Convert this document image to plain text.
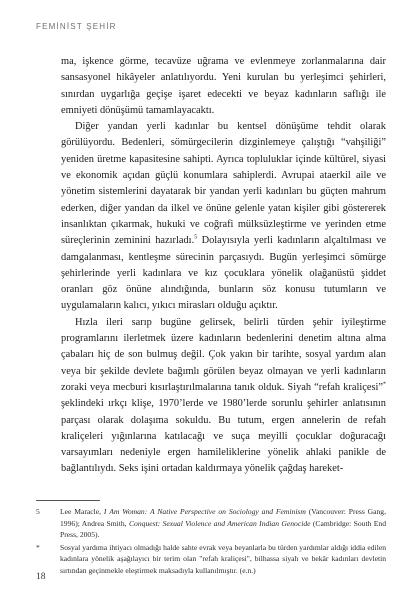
FEMİNİST ŞEHİR

ma, işkence görme, tecavüze uğrama ve evlenmeye zorlanmalarına dair sansasyonel hikâyeler anlatılıyordu. Yeni kurulan bu yerleşimci şehirleri, sınırdan uygarlığa geçişe işaret edecekti ve beyaz kadınların saflığı ile emniyeti dönüşümü tamamlayacaktı.

Diğer yandan yerli kadınlar bu kentsel dönüşüme tehdit olarak görülüyordu. Bedenleri, sömürgecilerin dizginlemeye çalıştığı “vahşiliği” yeniden üretme kapasitesine sahipti. Ayrıca topluluklar içinde kültürel, siyasi ve ekonomik açıdan güçlü konumlara sahiplerdi. Avrupai ataerkil aile ve yönetim sistemlerini dayatarak bir yandan yerli kadınları bu güçten mahrum ederken, diğer yandan da ilkel ve önüne gelenle yatan kişiler gibi göstererek insanlıktan çıkarmak, hukuki ve coğrafi mülksüzleştirme ve yerinden etme süreçlerinin zeminini hazırladı.$^5$ Dolayısıyla yerli kadınların alçaltılması ve damgalanması, kentleşme sürecinin parçasıydı. Bugün yerleşimci sömürge şehirlerinde yerli kadınlara ve kız çocuklara yönelik olağanüstü şiddet oranları göz önüne alındığında, bunların söz konusu tutumların ve uygulamaların kalıcı, yıkıcı mirasları olduğu açıktır.

Hızla ileri sarıp bugüne gelirsek, belirli türden şehir iyileştirme programlarını ilerletmek üzere kadınların bedenlerini denetim altına alma çabaları hiç de son bulmuş değil. Çok yakın bir tarihte, sosyal yardım alan veya bir şekilde devlete bağımlı görülen beyaz olmayan ve yerli kadınların zoraki veya mecburi kısırlaştırılmalarına tanık olduk. Siyah “refah kraliçesi”* şeklindeki ırkçı klişe, 1970’lerde ve 1980’lerde sorunlu şehirler anlatısının parçası olarak dolaşıma sokuldu. Bu tutum, ergen annelerin de refah kraliçeleri yığınlarına katılacağı ve suça meyilli çocuklar doğuracağı varsayımları nedeniyle ergen hamileliklerine yönelik ahlaki panikle de bağlantılıydı. Seks işini ortadan kaldırmaya yönelik çağdaş hareket-

5	Lee Maracle, I Am Woman: A Native Perspective on Sociology and Feminism (Vancouver: Press Gang, 1996); Andrea Smith, Conquest: Sexual Violence and American Indian Genocide (Cambridge: South End Press, 2005).

*	Sosyal yardıma ihtiyacı olmadığı halde sahte evrak veya beyanlarla bu türden yardımlar aldığı iddia edilen kadınlara yönelik aşağılayıcı bir terim olan "refah kraliçesi", bilhassa siyah ve bekâr kadınları devletin sırtından geçinmekle eleştirmek maksadıyla kullanılmıştır. (e.n.)

18
